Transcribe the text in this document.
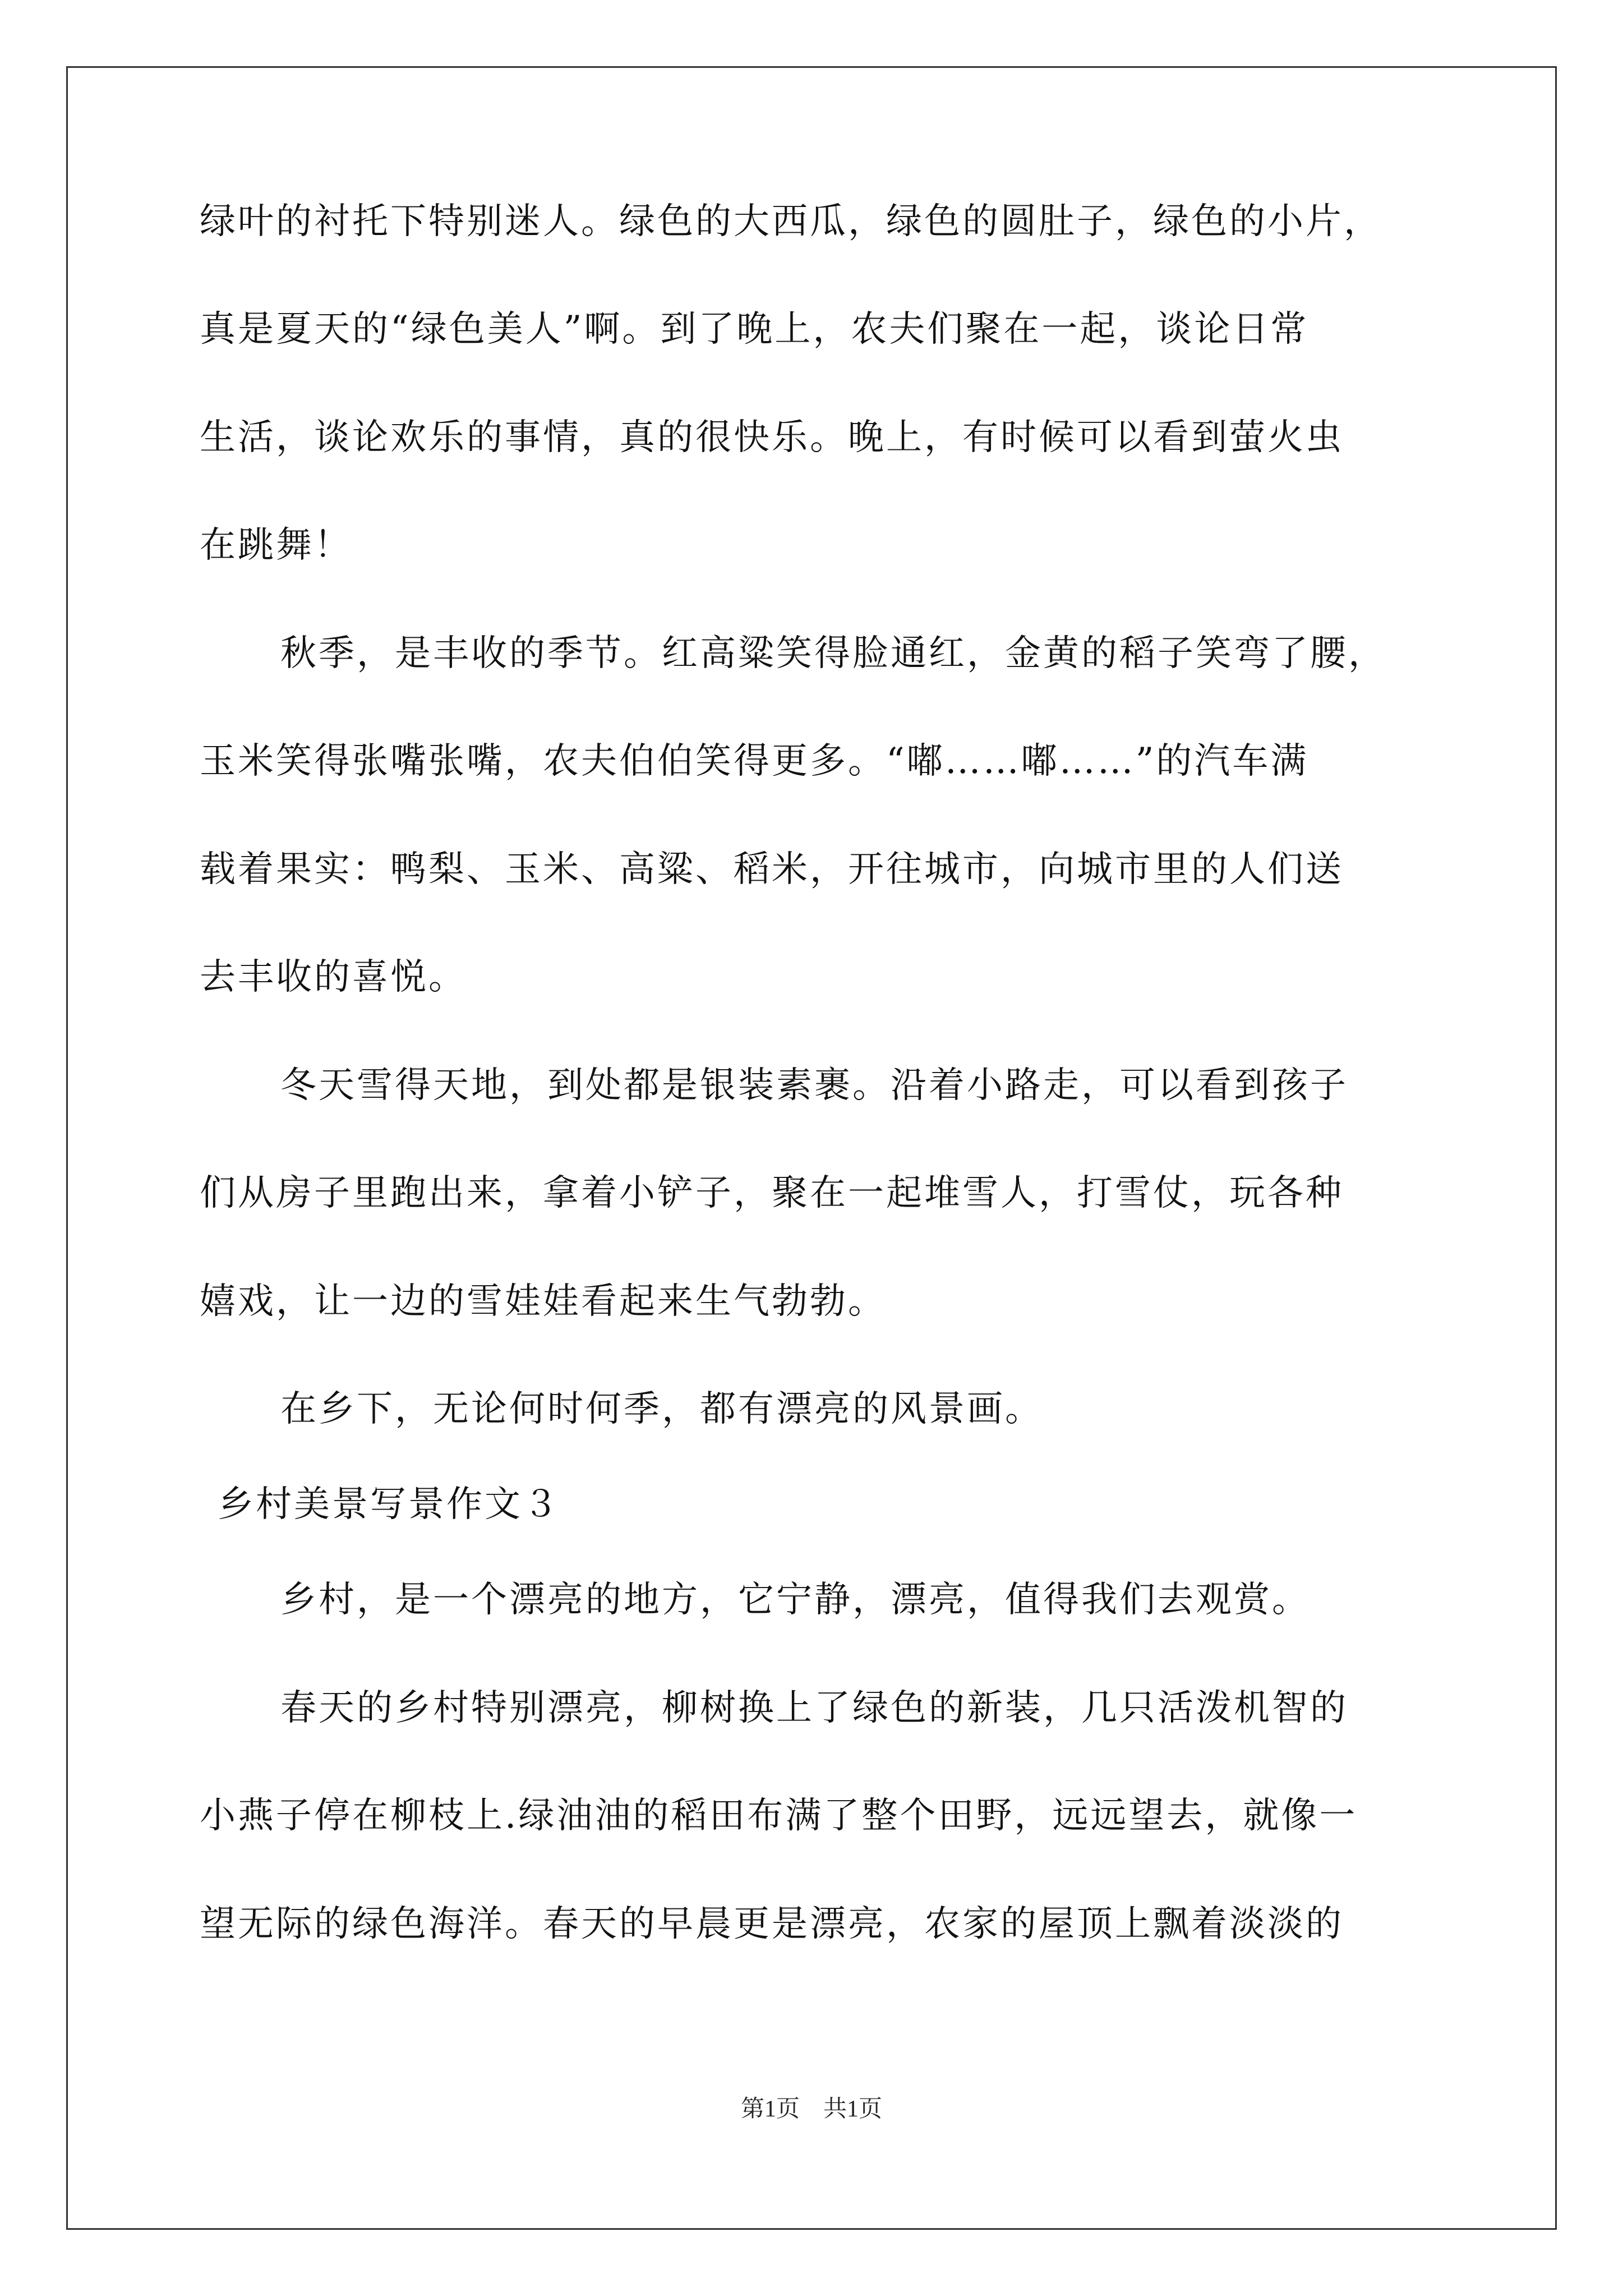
绿叶的衬托下特别迷人。绿色的大西瓜，绿色的圆肚子，绿色的小片，
真是夏天的“绿色美人”啊。到了晚上，农夫们聚在一起，谈论日常
生活，谈论欢乐的事情，真的很快乐。晚上，有时候可以看到萤火虫
在跳舞！
秋季，是丰收的季节。红高粱笑得脸通红，金黄的稻子笑弯了腰，
玉米笑得张嘴张嘴，农夫伯伯笑得更多。“嘟……嘟……”的汽车满
载着果实：鸭梨、玉米、高粱、稻米，开往城市，向城市里的人们送
去丰收的喜悦。
冬天雪得天地，到处都是银装素裹。沿着小路走，可以看到孩子
们从房子里跑出来，拿着小铲子，聚在一起堆雪人，打雪仗，玩各种
嬉戏，让一边的雪娃娃看起来生气勃勃。
在乡下，无论何时何季，都有漂亮的风景画。
乡村美景写景作文３
乡村，是一个漂亮的地方，它宁静，漂亮，值得我们去观赏。
春天的乡村特别漂亮，柳树换上了绿色的新装，几只活泼机智的
小燕子停在柳枝上.绿油油的稻田布满了整个田野，远远望去，就像一
望无际的绿色海洋。春天的早晨更是漂亮，农家的屋顶上飘着淡淡的
第1页　共1页
